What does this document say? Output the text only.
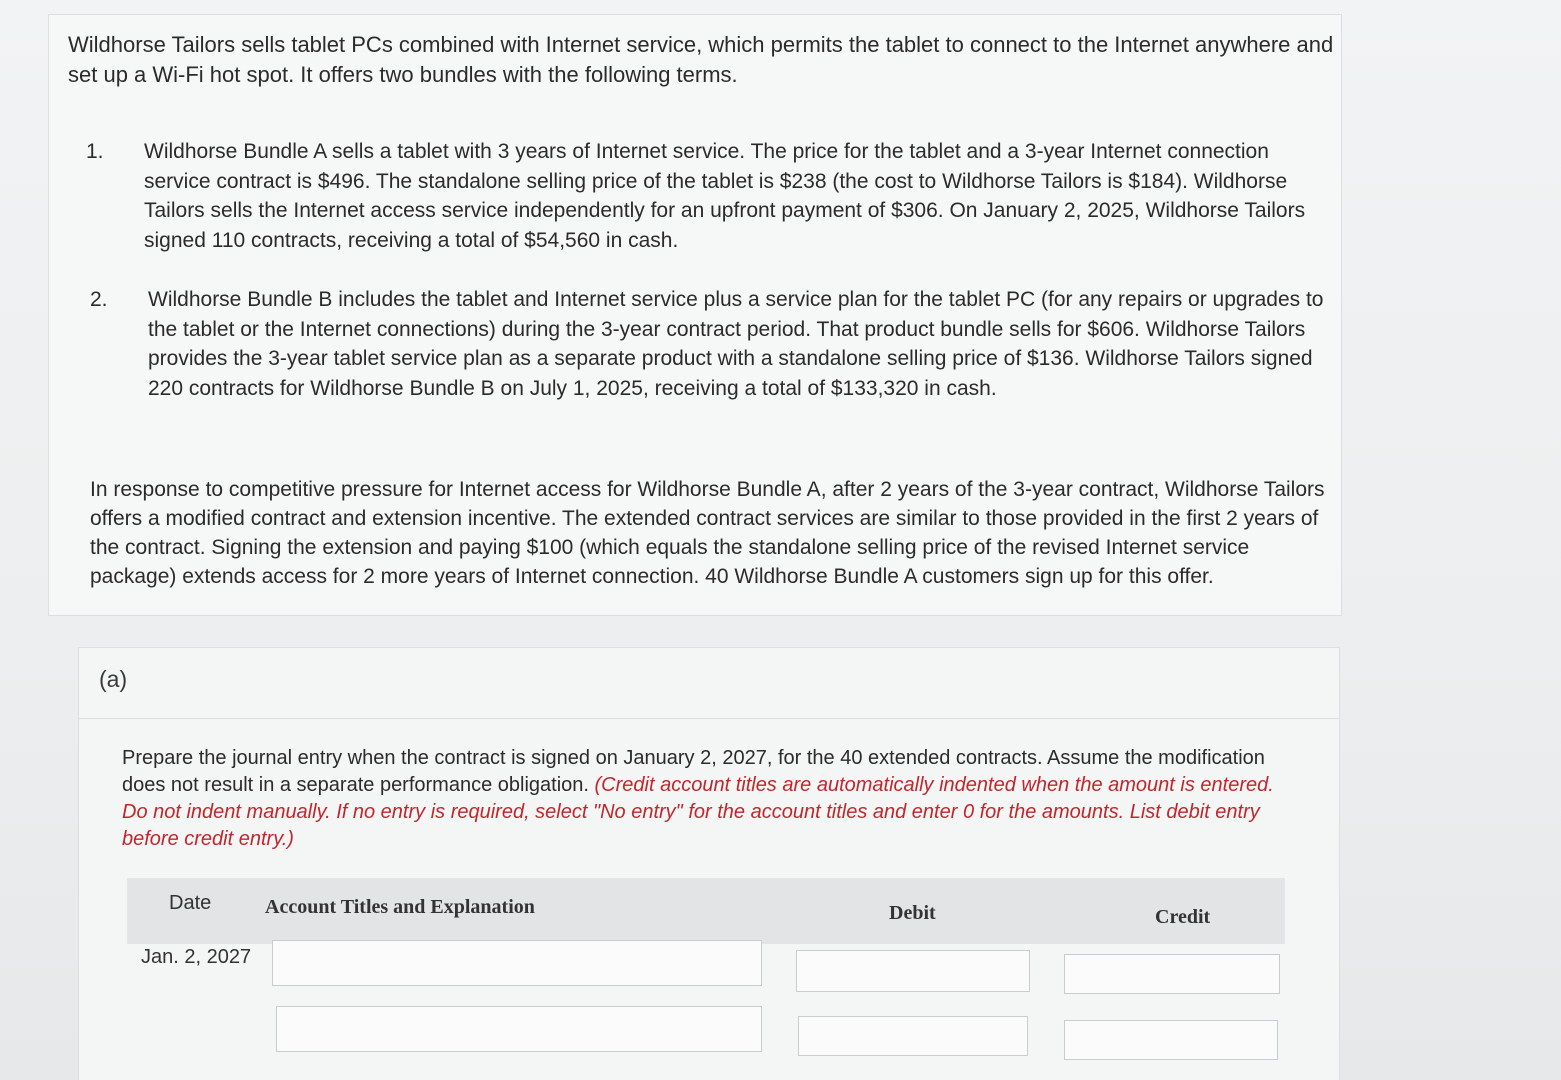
Wildhorse Tailors sells tablet PCs combined with Internet service, which permits the tablet to connect to the Internet anywhere and set up a Wi-Fi hot spot. It offers two bundles with the following terms.
1.	Wildhorse Bundle A sells a tablet with 3 years of Internet service. The price for the tablet and a 3-year Internet connection service contract is $496. The standalone selling price of the tablet is $238 (the cost to Wildhorse Tailors is $184). Wildhorse Tailors sells the Internet access service independently for an upfront payment of $306. On January 2, 2025, Wildhorse Tailors signed 110 contracts, receiving a total of $54,560 in cash.
2.	Wildhorse Bundle B includes the tablet and Internet service plus a service plan for the tablet PC (for any repairs or upgrades to the tablet or the Internet connections) during the 3-year contract period. That product bundle sells for $606. Wildhorse Tailors provides the 3-year tablet service plan as a separate product with a standalone selling price of $136. Wildhorse Tailors signed 220 contracts for Wildhorse Bundle B on July 1, 2025, receiving a total of $133,320 in cash.
In response to competitive pressure for Internet access for Wildhorse Bundle A, after 2 years of the 3-year contract, Wildhorse Tailors offers a modified contract and extension incentive. The extended contract services are similar to those provided in the first 2 years of the contract. Signing the extension and paying $100 (which equals the standalone selling price of the revised Internet service package) extends access for 2 more years of Internet connection. 40 Wildhorse Bundle A customers sign up for this offer.
(a)
Prepare the journal entry when the contract is signed on January 2, 2027, for the 40 extended contracts. Assume the modification does not result in a separate performance obligation. (Credit account titles are automatically indented when the amount is entered. Do not indent manually. If no entry is required, select "No entry" for the account titles and enter 0 for the amounts. List debit entry before credit entry.)
Date	Account Titles and Explanation	Debit	Credit
Jan. 2, 2027
